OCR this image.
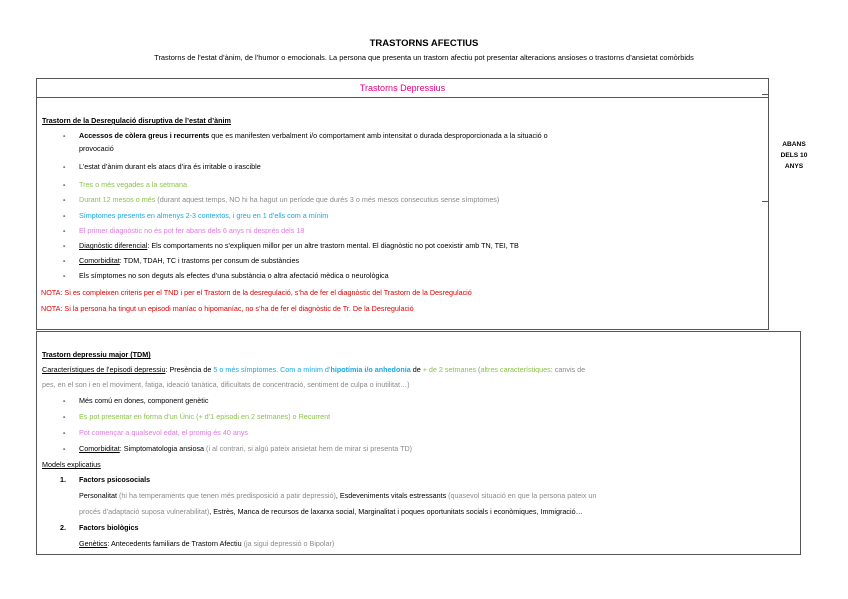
TRASTORNS AFECTIUS
Trastorns de l’estat d’ànim, de l’humor o emocionals. La persona que presenta un trastorn afectiu pot presentar alteracions ansioses o trastorns d’ansietat comòrbids
Trastorns Depressius
ABANS
DELS 10
ANYS
Trastorn de la Desregulació disruptiva de l’estat d’ànim
- Accessos de còlera greus i recurrents que es manifesten verbalment i/o comportament amb intensitat o durada desproporcionada a la situació o
provocació
- L’estat d’ànim durant els atacs d’ira és irritable o irascible
- Tres o més vegades a la setmana
- Durant 12 mesos o més (durant aquest temps, NO hi ha hagut un període que durés 3 o més mesos consecutius sense símptomes)
- Símptomes presents en almenys 2-3 contextos, i greu en 1 d’ells com a mínim
- El primer diagnòstic no és pot fer abans dels 6 anys ni després dels 18
- Diagnòstic diferencial: Els comportaments no s’expliquen millor per un altre trastorn mental. El diagnòstic no pot coexistir amb TN, TEI, TB
- Comorbiditat: TDM, TDAH, TC i trastorns per consum de substàncies
- Els símptomes no son deguts als efectes d’una substància o altra afectació mèdica o neurològica
NOTA: Si es compleixen criteris per el TND i per el Trastorn de la desregulació, s’ha de fer el diagnòstic del Trastorn de la Desregulació
NOTA: Si la persona ha tingut un episodi maníac o hipomaníac, no s’ha de fer el diagnòstic de Tr. De la Desregulació
Trastorn depressiu major (TDM)
Característiques de l’episodi depressiu: Presència de 5 o més símptomes. Com a mínim d’hipotímia i/o anhedonia de + de 2 setmanes (altres característiques: canvis de
pes, en el son i en el moviment, fatiga, ideació tanàtica, dificultats de concentració, sentiment de culpa o inutilitat…)
- Més comú en dones, component genètic
- Es pot presentar en forma d’un Únic (+ d’1 episodi en 2 setmanes) o Recurrent
- Pot començar a qualsevol edat, el promig és 40 anys
- Comorbiditat: Simptomatologia ansiosa (i al contrari, si algú pateix ansietat hem de mirar si presenta TD)
Models explicatius
1. Factors psicosocials
Personalitat (hi ha temperaments que tenen més predisposició a patir depressió), Esdeveniments vitals estressants (quasevol situació en que la persona pateix un
procés d’adaptació suposa vulnerabilitat), Estrès, Manca de recursos de laxarxa social, Marginalitat i poques oportunitats socials i econòmiques, Immigració…
2. Factors biològics
Genètics: Antecedents familiars de Trastorn Afectiu (ja sigui depressió o Bipolar)
